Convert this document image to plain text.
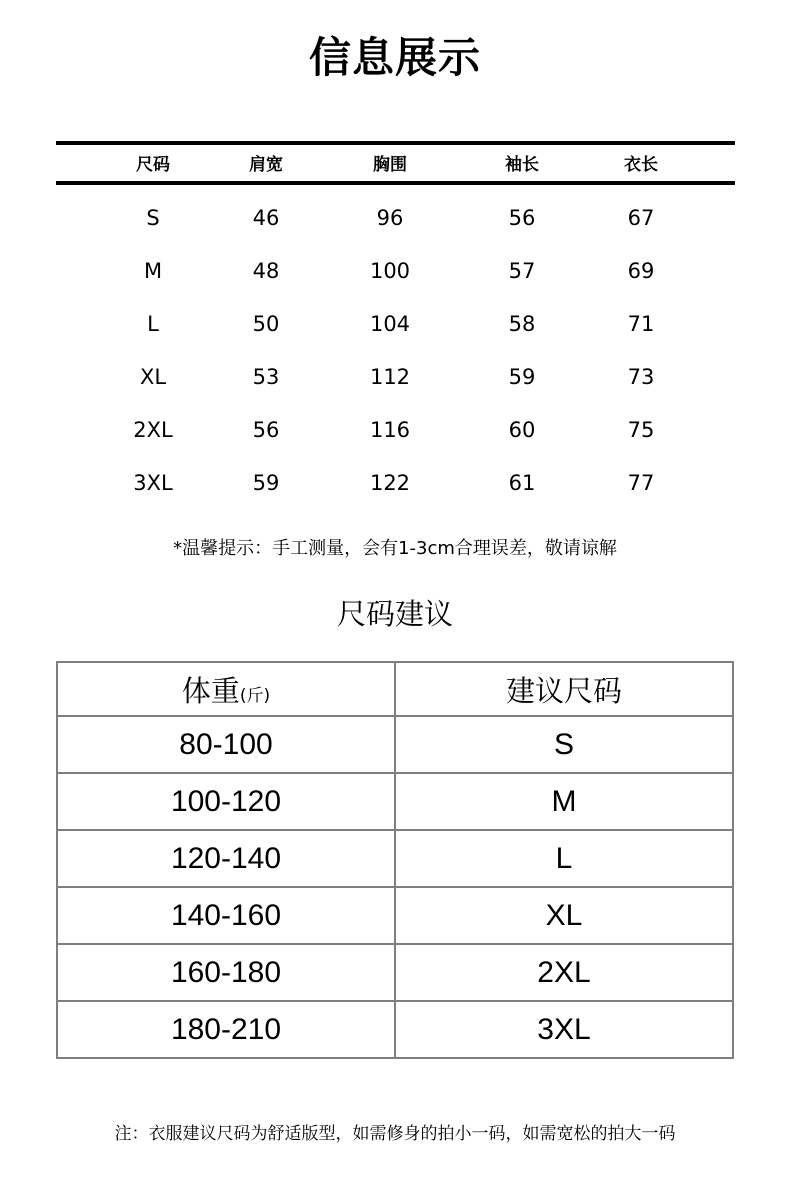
信息展示
尺码	肩宽	胸围	袖长	衣长
S	46	96	56	67
M	48	100	57	69
L	50	104	58	71
XL	53	112	59	73
2XL	56	116	60	75
3XL	59	122	61	77
*温馨提示：手工测量，会有1-3cm合理误差，敬请谅解
尺码建议
体重(斤)	建议尺码
80-100	S
100-120	M
120-140	L
140-160	XL
160-180	2XL
180-210	3XL
注：衣服建议尺码为舒适版型，如需修身的拍小一码，如需宽松的拍大一码
